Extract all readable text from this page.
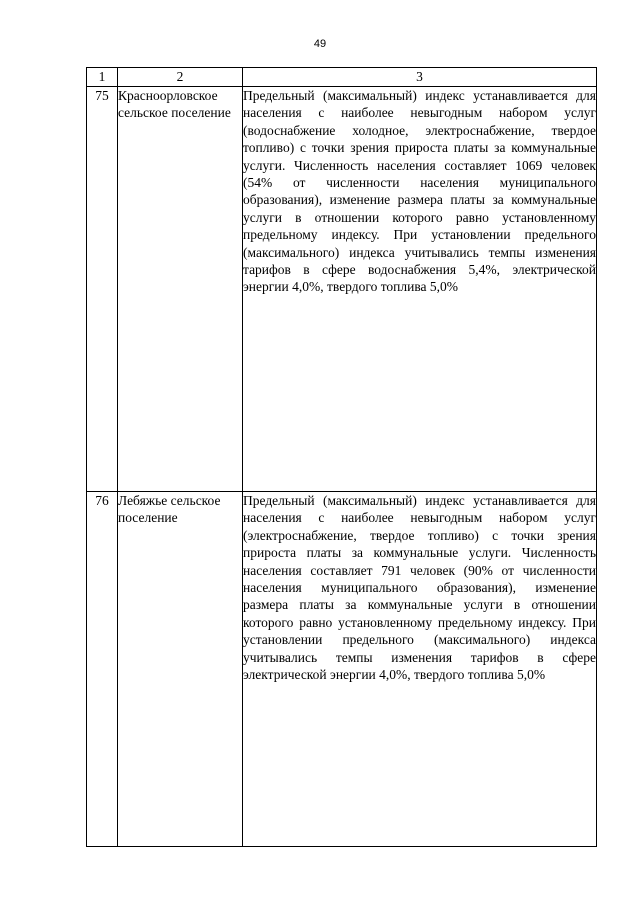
49
1	2	3
75	Красноорловское сельское поселение	Предельный (максимальный) индекс устанавливается для населения с наиболее невыгодным набором услуг (водоснабжение холодное, электроснабжение, твердое топливо) с точки зрения прироста платы за коммунальные услуги. Численность населения составляет 1069 человек (54% от численности населения муниципального образования), изменение размера платы за коммунальные услуги в отношении которого равно установленному предельному индексу. При установлении предельного (максимального) индекса учитывались темпы изменения тарифов в сфере водоснабжения 5,4%, электрической энергии 4,0%, твердого топлива 5,0%
76	Лебяжье сельское поселение	Предельный (максимальный) индекс устанавливается для населения с наиболее невыгодным набором услуг (электроснабжение, твердое топливо) с точки зрения прироста платы за коммунальные услуги. Численность населения составляет 791 человек (90% от численности населения муниципального образования), изменение размера платы за коммунальные услуги в отношении которого равно установленному предельному индексу. При установлении предельного (максимального) индекса учитывались темпы изменения тарифов в сфере электрической энергии 4,0%, твердого топлива 5,0%
